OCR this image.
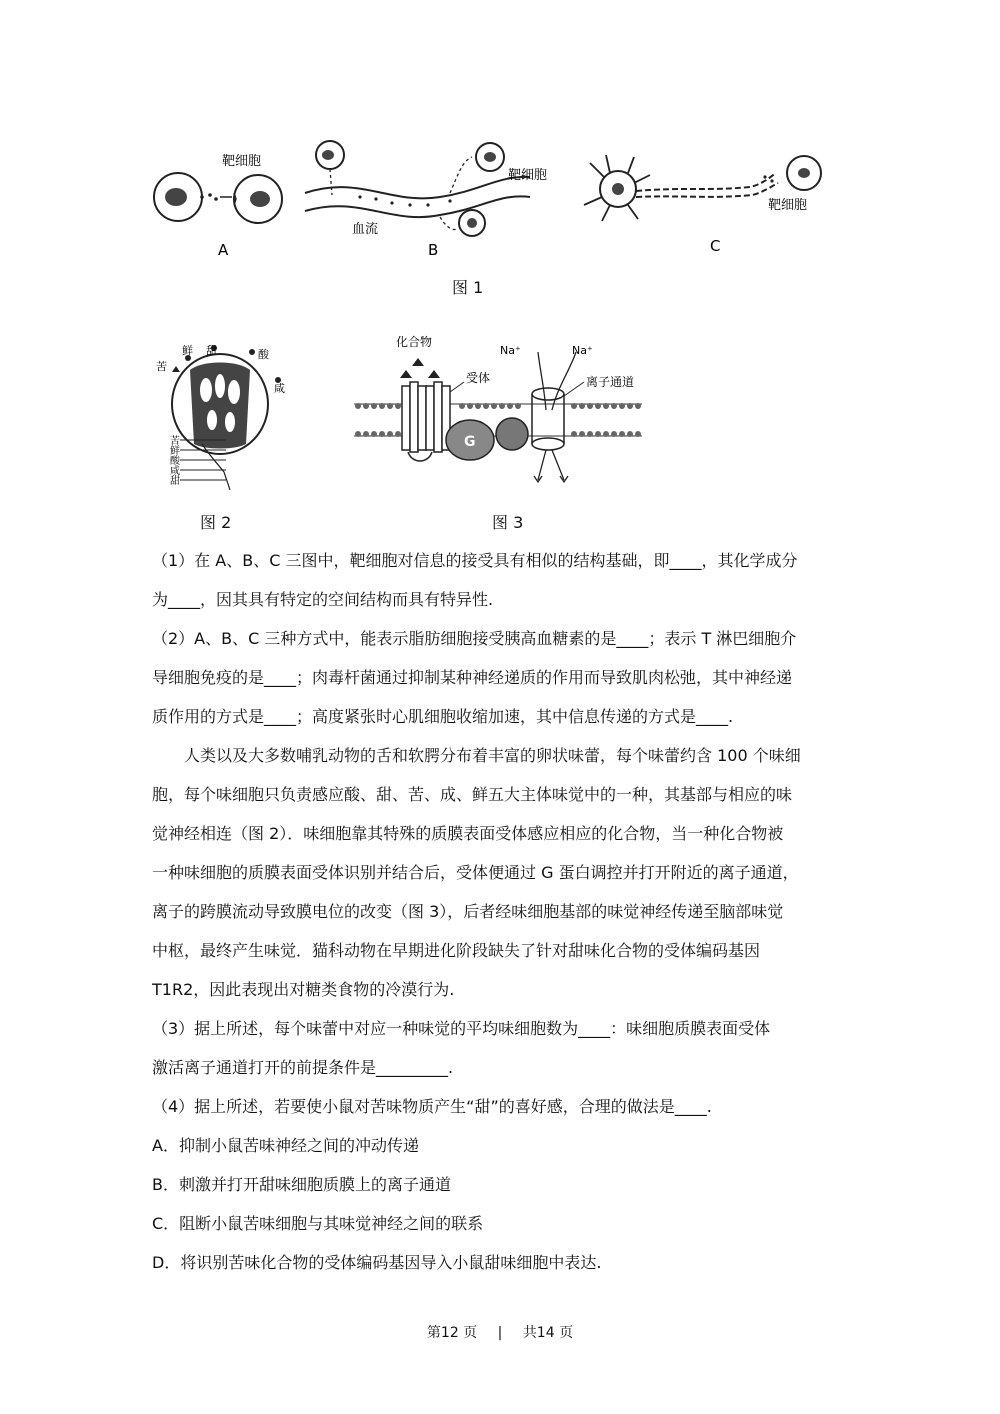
靶细胞
A
靶细胞
血流
B
靶细胞
C
图 1
苦
鲜 甜	酸
咸
苦
鲜
酸
咸
甜
图 2
化合物
受体	离子通道
Na⁺	Na⁺
G
图 3

（1）在 A、B、C 三图中，靶细胞对信息的接受具有相似的结构基础，即____，其化学成分

为____，因其具有特定的空间结构而具有特异性.

（2）A、B、C 三种方式中，能表示脂肪细胞接受胰高血糖素的是____；表示 T 淋巴细胞介

导细胞免疫的是____；肉毒杆菌通过抑制某种神经递质的作用而导致肌肉松弛，其中神经递

质作用的方式是____；高度紧张时心肌细胞收缩加速，其中信息传递的方式是____.

人类以及大多数哺乳动物的舌和软腭分布着丰富的卵状味蕾，每个味蕾约含 100 个味细

胞，每个味细胞只负责感应酸、甜、苦、成、鲜五大主体味觉中的一种，其基部与相应的味

觉神经相连（图 2）．味细胞靠其特殊的质膜表面受体感应相应的化合物，当一种化合物被

一种味细胞的质膜表面受体识别并结合后，受体便通过 G 蛋白调控并打开附近的离子通道，

离子的跨膜流动导致膜电位的改变（图 3），后者经味细胞基部的味觉神经传递至脑部味觉

中枢，最终产生味觉．猫科动物在早期进化阶段缺失了针对甜味化合物的受体编码基因

T1R2，因此表现出对糖类食物的冷漠行为.

（3）据上所述，每个味蕾中对应一种味觉的平均味细胞数为____：味细胞质膜表面受体

激活离子通道打开的前提条件是_________.

（4）据上所述，若要使小鼠对苦味物质产生“甜”的喜好感，合理的做法是____.

A．抑制小鼠苦味神经之间的冲动传递

B．刺激并打开甜味细胞质膜上的离子通道

C．阻断小鼠苦味细胞与其味觉神经之间的联系

D．将识别苦味化合物的受体编码基因导入小鼠甜味细胞中表达.

第12 页 | 共14 页
